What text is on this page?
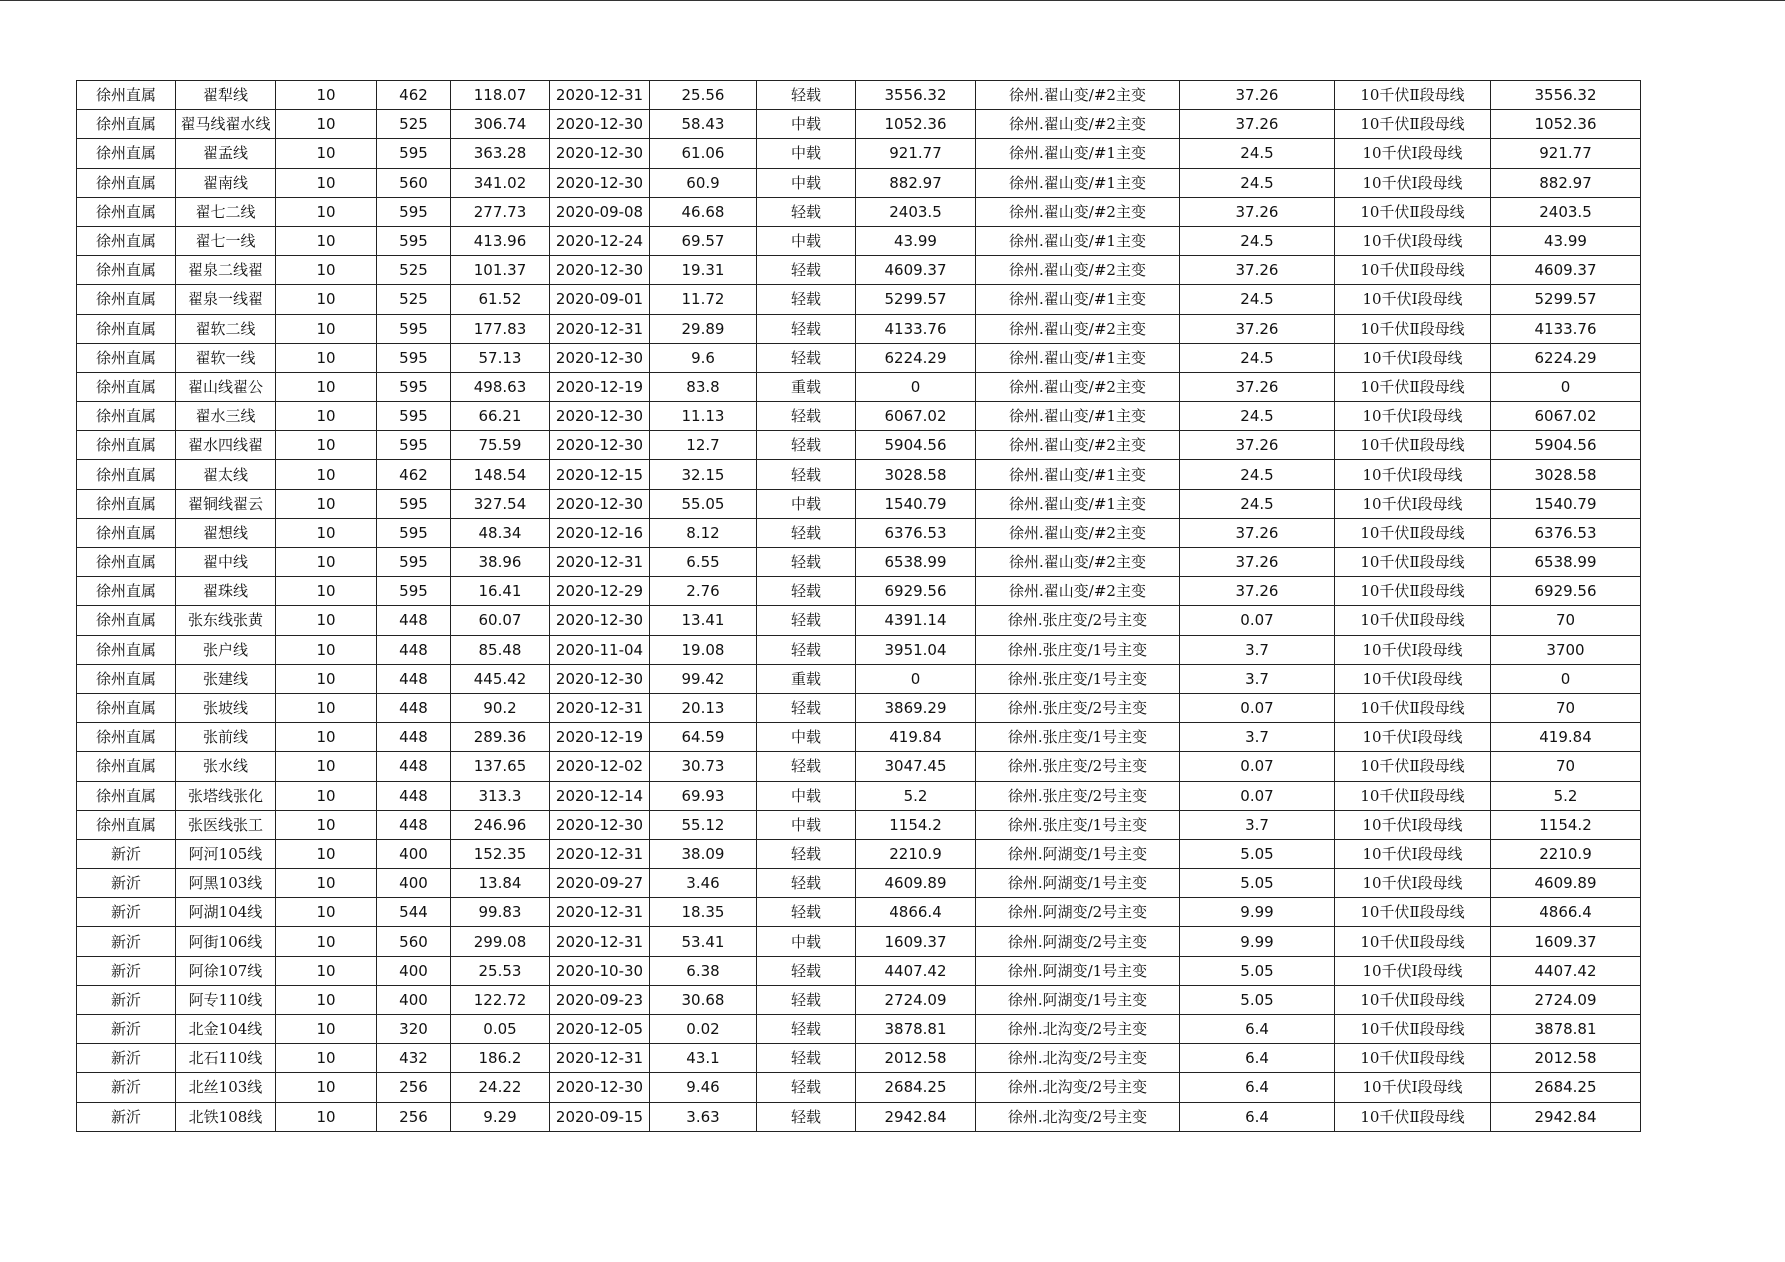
徐州直属	翟犁线	10	462	118.07	2020-12-31	25.56	轻载	3556.32	徐州.翟山变/#2主变	37.26	10千伏Ⅱ段母线	3556.32
徐州直属	翟马线翟水线	10	525	306.74	2020-12-30	58.43	中载	1052.36	徐州.翟山变/#2主变	37.26	10千伏Ⅱ段母线	1052.36
徐州直属	翟孟线	10	595	363.28	2020-12-30	61.06	中载	921.77	徐州.翟山变/#1主变	24.5	10千伏Ⅰ段母线	921.77
徐州直属	翟南线	10	560	341.02	2020-12-30	60.9	中载	882.97	徐州.翟山变/#1主变	24.5	10千伏Ⅰ段母线	882.97
徐州直属	翟七二线	10	595	277.73	2020-09-08	46.68	轻载	2403.5	徐州.翟山变/#2主变	37.26	10千伏Ⅱ段母线	2403.5
徐州直属	翟七一线	10	595	413.96	2020-12-24	69.57	中载	43.99	徐州.翟山变/#1主变	24.5	10千伏Ⅰ段母线	43.99
徐州直属	翟泉二线翟	10	525	101.37	2020-12-30	19.31	轻载	4609.37	徐州.翟山变/#2主变	37.26	10千伏Ⅱ段母线	4609.37
徐州直属	翟泉一线翟	10	525	61.52	2020-09-01	11.72	轻载	5299.57	徐州.翟山变/#1主变	24.5	10千伏Ⅰ段母线	5299.57
徐州直属	翟软二线	10	595	177.83	2020-12-31	29.89	轻载	4133.76	徐州.翟山变/#2主变	37.26	10千伏Ⅱ段母线	4133.76
徐州直属	翟软一线	10	595	57.13	2020-12-30	9.6	轻载	6224.29	徐州.翟山变/#1主变	24.5	10千伏Ⅰ段母线	6224.29
徐州直属	翟山线翟公	10	595	498.63	2020-12-19	83.8	重载	0	徐州.翟山变/#2主变	37.26	10千伏Ⅱ段母线	0
徐州直属	翟水三线	10	595	66.21	2020-12-30	11.13	轻载	6067.02	徐州.翟山变/#1主变	24.5	10千伏Ⅰ段母线	6067.02
徐州直属	翟水四线翟	10	595	75.59	2020-12-30	12.7	轻载	5904.56	徐州.翟山变/#2主变	37.26	10千伏Ⅱ段母线	5904.56
徐州直属	翟太线	10	462	148.54	2020-12-15	32.15	轻载	3028.58	徐州.翟山变/#1主变	24.5	10千伏Ⅰ段母线	3028.58
徐州直属	翟铜线翟云	10	595	327.54	2020-12-30	55.05	中载	1540.79	徐州.翟山变/#1主变	24.5	10千伏Ⅰ段母线	1540.79
徐州直属	翟想线	10	595	48.34	2020-12-16	8.12	轻载	6376.53	徐州.翟山变/#2主变	37.26	10千伏Ⅱ段母线	6376.53
徐州直属	翟中线	10	595	38.96	2020-12-31	6.55	轻载	6538.99	徐州.翟山变/#2主变	37.26	10千伏Ⅱ段母线	6538.99
徐州直属	翟珠线	10	595	16.41	2020-12-29	2.76	轻载	6929.56	徐州.翟山变/#2主变	37.26	10千伏Ⅱ段母线	6929.56
徐州直属	张东线张黄	10	448	60.07	2020-12-30	13.41	轻载	4391.14	徐州.张庄变/2号主变	0.07	10千伏Ⅱ段母线	70
徐州直属	张户线	10	448	85.48	2020-11-04	19.08	轻载	3951.04	徐州.张庄变/1号主变	3.7	10千伏Ⅰ段母线	3700
徐州直属	张建线	10	448	445.42	2020-12-30	99.42	重载	0	徐州.张庄变/1号主变	3.7	10千伏Ⅰ段母线	0
徐州直属	张坡线	10	448	90.2	2020-12-31	20.13	轻载	3869.29	徐州.张庄变/2号主变	0.07	10千伏Ⅱ段母线	70
徐州直属	张前线	10	448	289.36	2020-12-19	64.59	中载	419.84	徐州.张庄变/1号主变	3.7	10千伏Ⅰ段母线	419.84
徐州直属	张水线	10	448	137.65	2020-12-02	30.73	轻载	3047.45	徐州.张庄变/2号主变	0.07	10千伏Ⅱ段母线	70
徐州直属	张塔线张化	10	448	313.3	2020-12-14	69.93	中载	5.2	徐州.张庄变/2号主变	0.07	10千伏Ⅱ段母线	5.2
徐州直属	张医线张工	10	448	246.96	2020-12-30	55.12	中载	1154.2	徐州.张庄变/1号主变	3.7	10千伏Ⅰ段母线	1154.2
新沂	阿河105线	10	400	152.35	2020-12-31	38.09	轻载	2210.9	徐州.阿湖变/1号主变	5.05	10千伏Ⅰ段母线	2210.9
新沂	阿黑103线	10	400	13.84	2020-09-27	3.46	轻载	4609.89	徐州.阿湖变/1号主变	5.05	10千伏Ⅰ段母线	4609.89
新沂	阿湖104线	10	544	99.83	2020-12-31	18.35	轻载	4866.4	徐州.阿湖变/2号主变	9.99	10千伏Ⅱ段母线	4866.4
新沂	阿街106线	10	560	299.08	2020-12-31	53.41	中载	1609.37	徐州.阿湖变/2号主变	9.99	10千伏Ⅱ段母线	1609.37
新沂	阿徐107线	10	400	25.53	2020-10-30	6.38	轻载	4407.42	徐州.阿湖变/1号主变	5.05	10千伏Ⅰ段母线	4407.42
新沂	阿专110线	10	400	122.72	2020-09-23	30.68	轻载	2724.09	徐州.阿湖变/1号主变	5.05	10千伏Ⅱ段母线	2724.09
新沂	北金104线	10	320	0.05	2020-12-05	0.02	轻载	3878.81	徐州.北沟变/2号主变	6.4	10千伏Ⅱ段母线	3878.81
新沂	北石110线	10	432	186.2	2020-12-31	43.1	轻载	2012.58	徐州.北沟变/2号主变	6.4	10千伏Ⅱ段母线	2012.58
新沂	北丝103线	10	256	24.22	2020-12-30	9.46	轻载	2684.25	徐州.北沟变/2号主变	6.4	10千伏Ⅰ段母线	2684.25
新沂	北铁108线	10	256	9.29	2020-09-15	3.63	轻载	2942.84	徐州.北沟变/2号主变	6.4	10千伏Ⅱ段母线	2942.84
